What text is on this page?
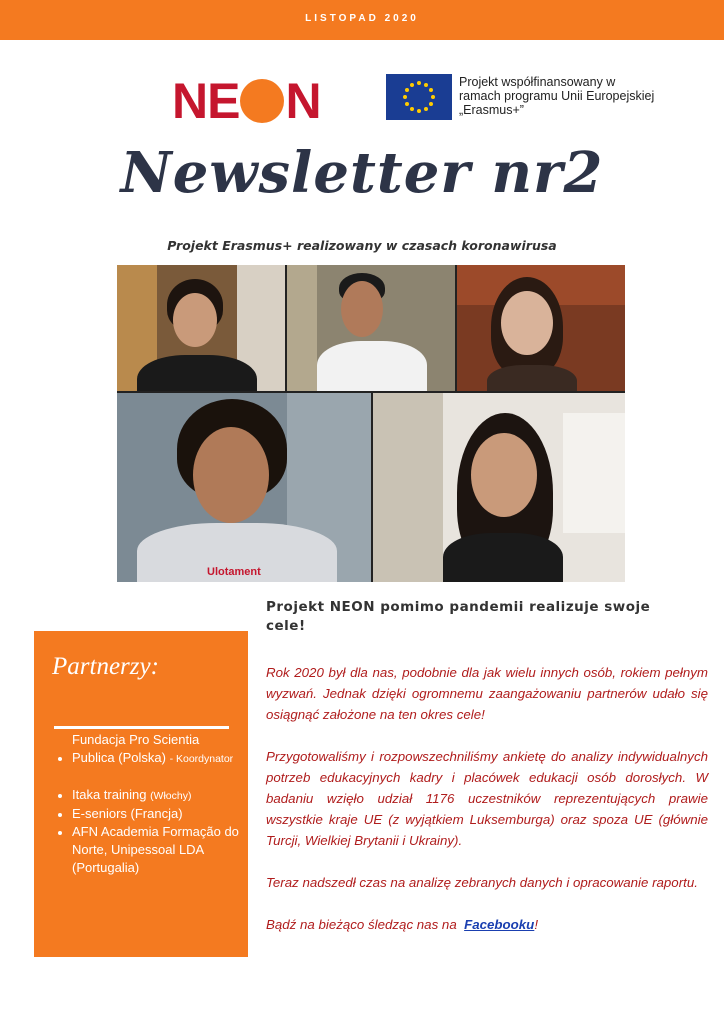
LISTOPAD 2020
N E N	Projekt współfinansowany w
ramach programu Unii Europejskiej
„Erasmus+”
Newsletter nr2
Projekt Erasmus+ realizowany w czasach koronawirusa
Ulotament
Projekt NEON pomimo pandemii realizuje swoje cele!
Partnerzy:
Fundacja Pro Scientia Publica (Polska) - Koordynator
Itaka training (Włochy)
E-seniors (Francja)
AFN Academia Formação do Norte, Unipessoal LDA (Portugalia)

Rok 2020 był dla nas, podobnie dla jak wielu innych osób, rokiem pełnym wyzwań. Jednak dzięki ogromnemu zaangażowaniu partnerów udało się osiągnąć założone na ten okres cele!

Przygotowaliśmy i rozpowszechniliśmy ankietę do analizy indywidualnych potrzeb edukacyjnych kadry i placówek edukacji osób dorosłych. W badaniu wzięło udział 1176 uczestników reprezentujących prawie wszystkie kraje UE (z wyjątkiem Luksemburga) oraz spoza UE (głównie Turcji, Wielkiej Brytanii i Ukrainy).

Teraz nadszedł czas na analizę zebranych danych i opracowanie raportu.

Bądź na bieżąco śledząc nas na Facebooku!
